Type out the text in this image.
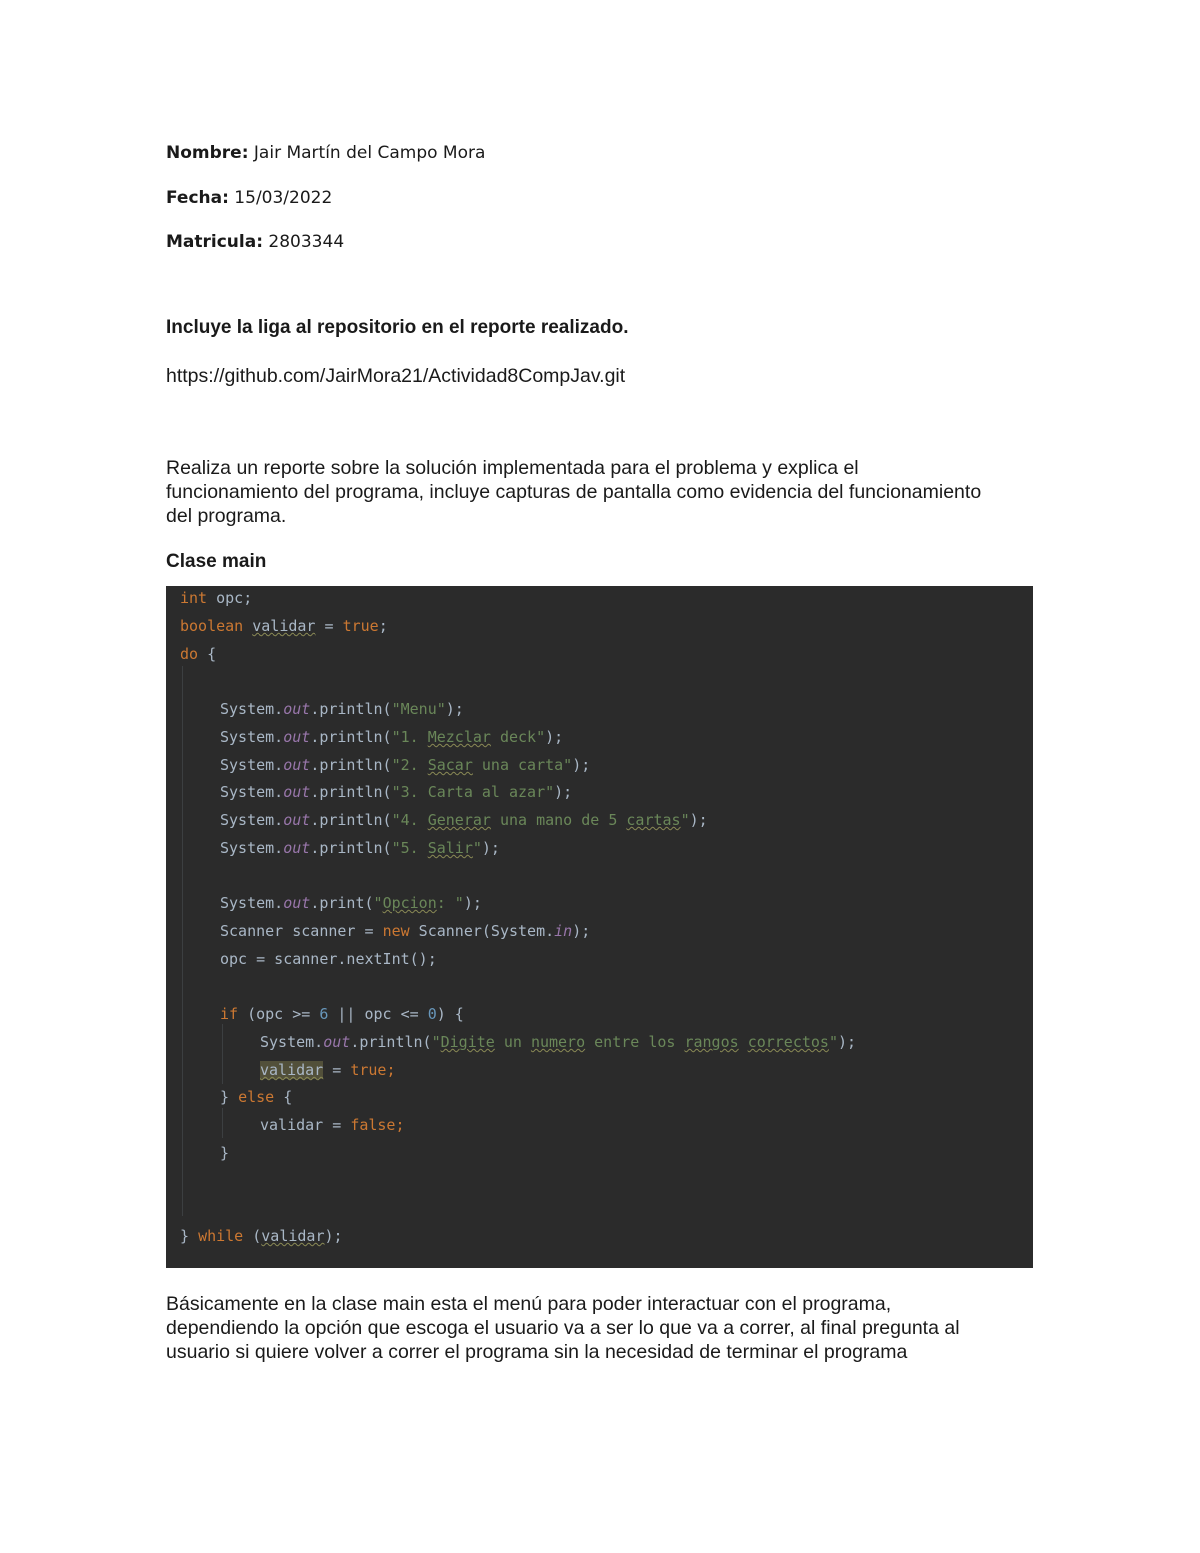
Nombre: Jair Martín del Campo Mora
Fecha: 15/03/2022
Matricula: 2803344
Incluye la liga al repositorio en el reporte realizado.
https://github.com/JairMora21/Actividad8CompJav.git
Realiza un reporte sobre la solución implementada para el problema y explica el
funcionamiento del programa, incluye capturas de pantalla como evidencia del funcionamiento
del programa.
Clase main
int opc;
boolean validar = true;
do {
System.out.println("Menu");
System.out.println("1. Mezclar deck");
System.out.println("2. Sacar una carta");
System.out.println("3. Carta al azar");
System.out.println("4. Generar una mano de 5 cartas");
System.out.println("5. Salir");
System.out.print("Opcion: ");
Scanner scanner = new Scanner(System.in);
opc = scanner.nextInt();
if (opc >= 6 || opc <= 0) {
System.out.println("Digite un numero entre los rangos correctos");
validar = true;
} else {
validar = false;
}
} while (validar);
Básicamente en la clase main esta el menú para poder interactuar con el programa,
dependiendo la opción que escoga el usuario va a ser lo que va a correr, al final pregunta al
usuario si quiere volver a correr el programa sin la necesidad de terminar el programa
